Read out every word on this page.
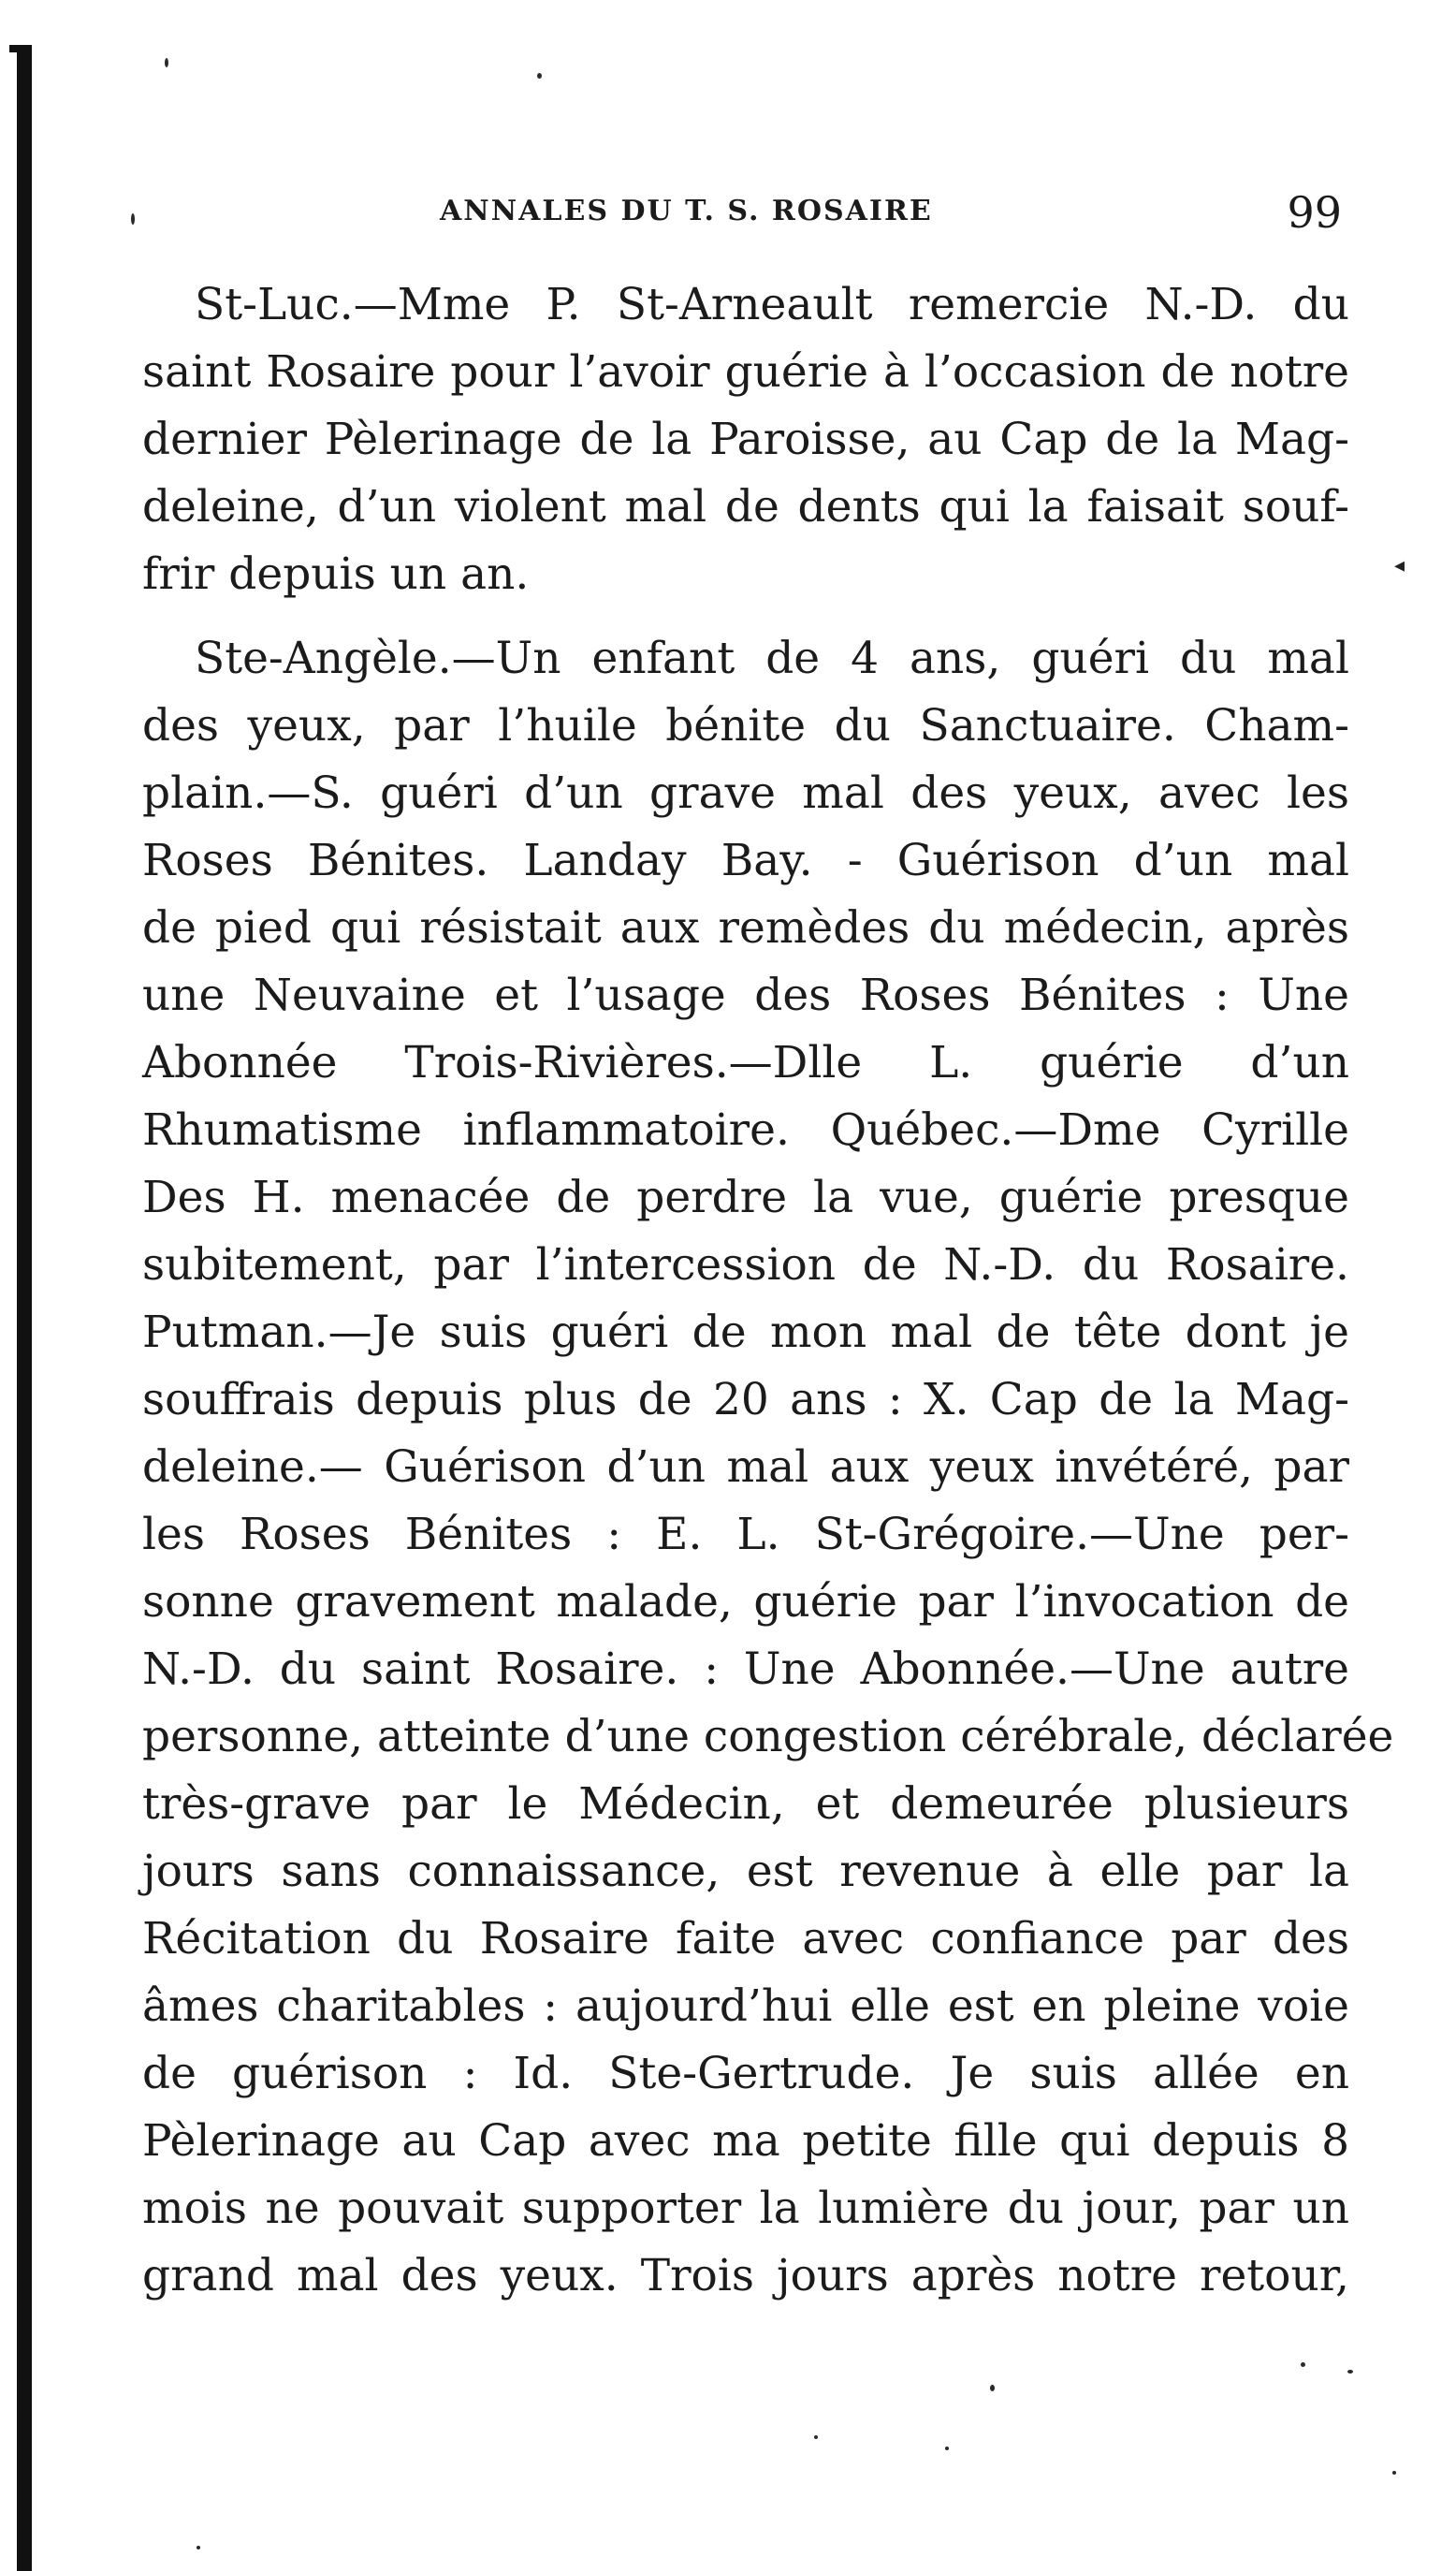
ANNALES DU T. S. ROSAIRE	99
St-Luc.—Mme P. St-Arneault remercie N.-D. du
saint Rosaire pour l’avoir guérie à l’occasion de notre
dernier Pèlerinage de la Paroisse, au Cap de la Mag-
deleine, d’un violent mal de dents qui la faisait souf-
frir depuis un an.
Ste-Angèle.—Un enfant de 4 ans, guéri du mal
des yeux, par l’huile bénite du Sanctuaire. Cham-
plain.—S. guéri d’un grave mal des yeux, avec les
Roses Bénites. Landay Bay. - Guérison d’un mal
de pied qui résistait aux remèdes du médecin, après
une Neuvaine et l’usage des Roses Bénites : Une
Abonnée Trois-Rivières.—Dlle L. guérie d’un
Rhumatisme inflammatoire. Québec.—Dme Cyrille
Des H. menacée de perdre la vue, guérie presque
subitement, par l’intercession de N.-D. du Rosaire.
Putman.—Je suis guéri de mon mal de tête dont je
souffrais depuis plus de 20 ans : X. Cap de la Mag-
deleine.— Guérison d’un mal aux yeux invétéré, par
les Roses Bénites : E. L. St-Grégoire.—Une per-
sonne gravement malade, guérie par l’invocation de
N.-D. du saint Rosaire. : Une Abonnée.—Une autre
personne, atteinte d’une congestion cérébrale, déclarée
très-grave par le Médecin, et demeurée plusieurs
jours sans connaissance, est revenue à elle par la
Récitation du Rosaire faite avec confiance par des
âmes charitables : aujourd’hui elle est en pleine voie
de guérison : Id. Ste-Gertrude. Je suis allée en
Pèlerinage au Cap avec ma petite fille qui depuis 8
mois ne pouvait supporter la lumière du jour, par un
grand mal des yeux. Trois jours après notre retour,
◂
